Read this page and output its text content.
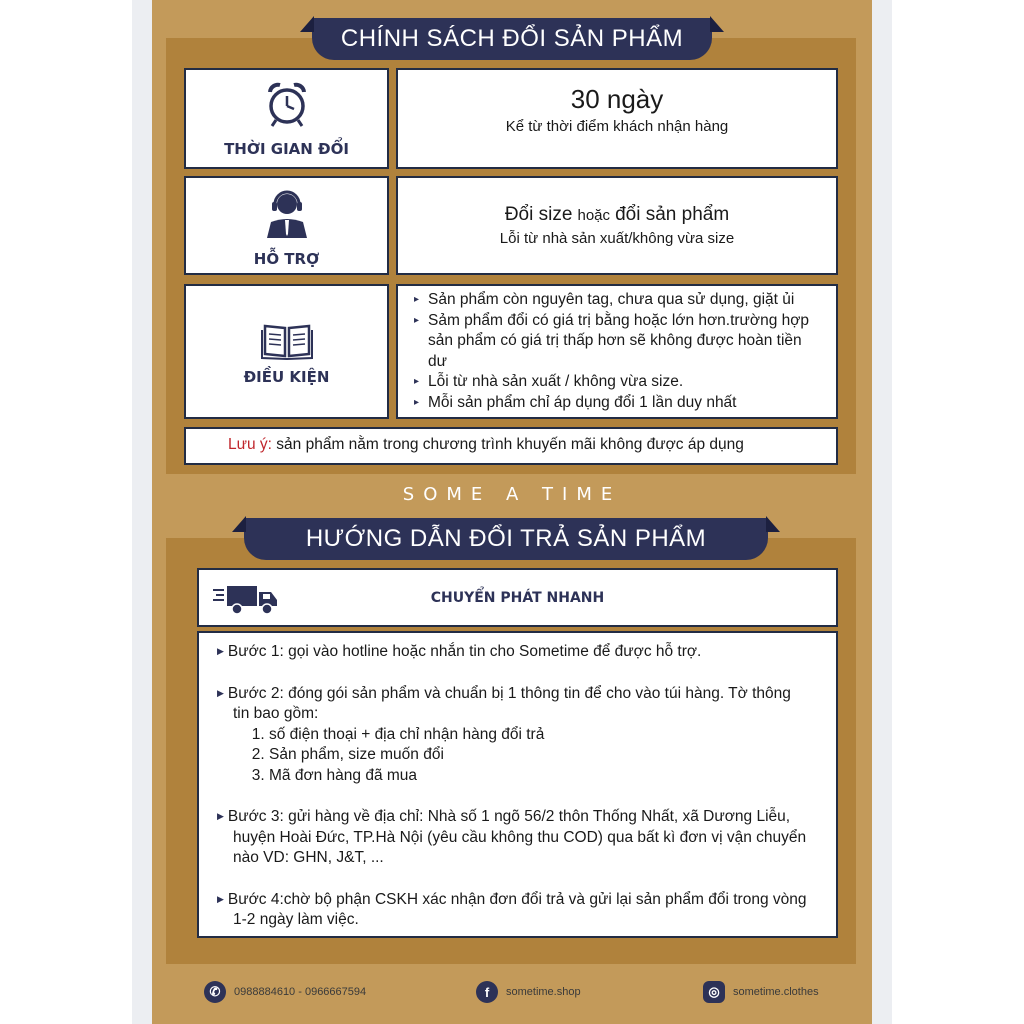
CHÍNH SÁCH ĐỔI SẢN PHẨM
THỜI GIAN ĐỔI
30 ngày
Kể từ thời điểm khách nhận hàng
HỖ TRỢ
Đổi size hoặc đổi sản phẩm
Lỗi từ nhà sản xuất/không vừa size
ĐIỀU KIỆN
▸ Sản phẩm còn nguyên tag, chưa qua sử dụng, giặt ủi
▸ Sảm phẩm đổi có giá trị bằng hoặc lớn hơn.trường hợp sản phẩm có giá trị thấp hơn sẽ không được hoàn tiền dư
▸ Lỗi từ nhà sản xuất / không vừa size.
▸ Mỗi sản phẩm chỉ áp dụng đổi 1 lần duy nhất
Lưu ý: sản phẩm nằm trong chương trình khuyến mãi không được áp dụng
SOME A TIME
HƯỚNG DẪN ĐỔI TRẢ SẢN PHẨM
CHUYỂN PHÁT NHANH
▶ Bước 1: gọi vào hotline hoặc nhắn tin cho Sometime để được hỗ trợ.
▶ Bước 2: đóng gói sản phẩm và chuẩn bị 1 thông tin để cho vào túi hàng. Tờ thông
tin bao gồm:
1. số điện thoại + địa chỉ nhận hàng đổi trả
2. Sản phẩm, size muốn đổi
3. Mã đơn hàng đã mua
▶ Bước 3: gửi hàng về địa chỉ: Nhà số 1 ngõ 56/2 thôn Thống Nhất, xã Dương Liễu,
huyện Hoài Đức, TP.Hà Nội (yêu cầu không thu COD) qua bất kì đơn vị vận chuyển
nào VD: GHN, J&T, ...
▶ Bước 4:chờ bộ phận CSKH xác nhận đơn đổi trả và gửi lại sản phẩm đổi trong vòng
1-2 ngày làm việc.
✆	0988884610 - 0966667594	f	sometime.shop	◎	sometime.clothes
